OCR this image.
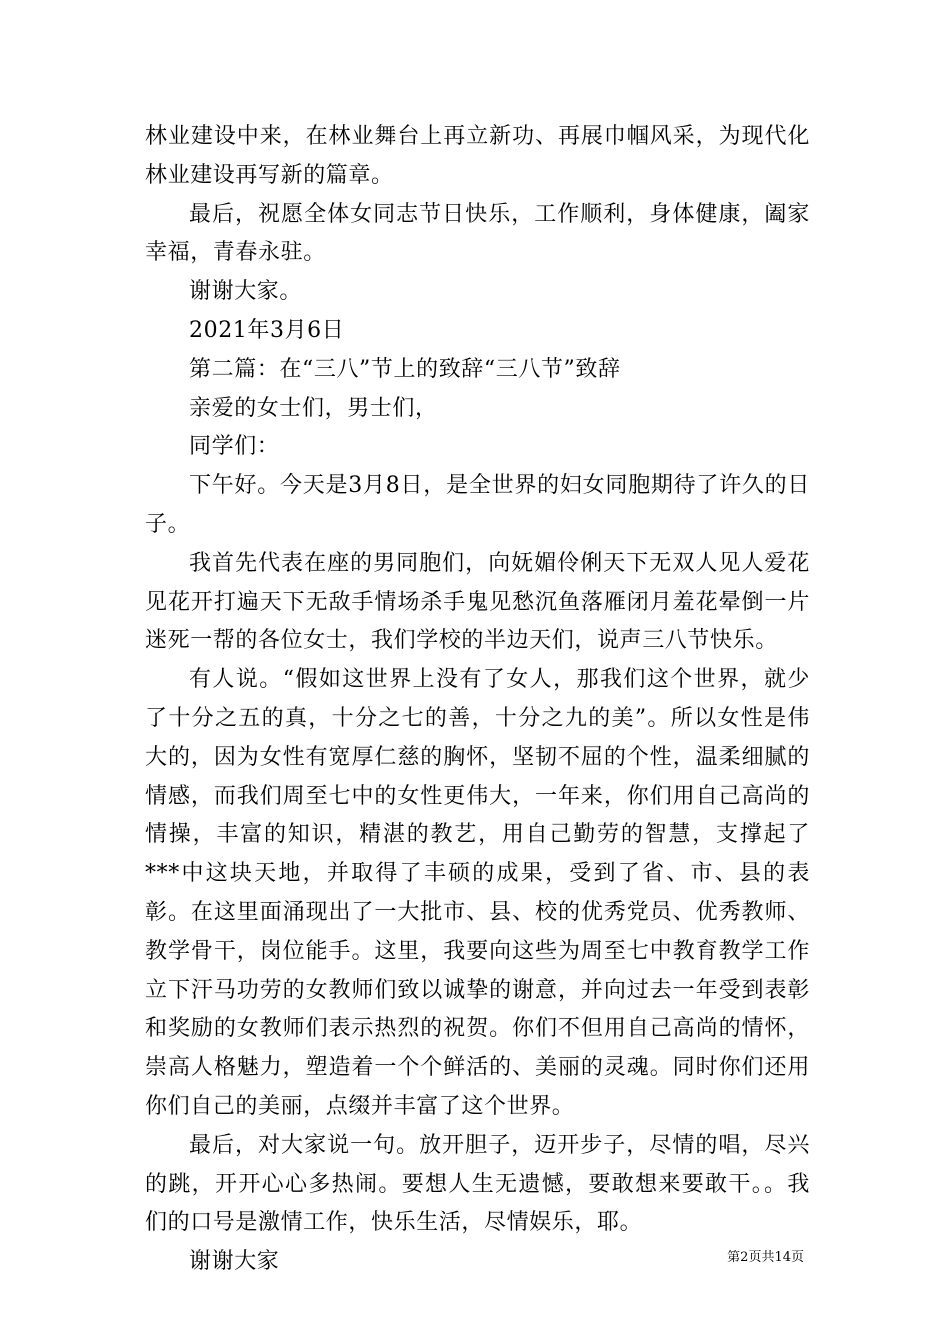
林业建设中来，在林业舞台上再立新功、再展巾帼风采，为现代化林业建设再写新的篇章。

最后，祝愿全体女同志节日快乐，工作顺利，身体健康，阖家幸福，青春永驻。

谢谢大家。

2021年3月6日

第二篇：在“三八”节上的致辞“三八节”致辞

亲爱的女士们，男士们，

同学们：

下午好。今天是3月8日，是全世界的妇女同胞期待了许久的日子。

我首先代表在座的男同胞们，向妩媚伶俐天下无双人见人爱花见花开打遍天下无敌手情场杀手鬼见愁沉鱼落雁闭月羞花晕倒一片迷死一帮的各位女士，我们学校的半边天们，说声三八节快乐。

有人说。“假如这世界上没有了女人，那我们这个世界，就少了十分之五的真，十分之七的善，十分之九的美”。所以女性是伟大的，因为女性有宽厚仁慈的胸怀，坚韧不屈的个性，温柔细腻的情感，而我们周至七中的女性更伟大，一年来，你们用自己高尚的情操，丰富的知识，精湛的教艺，用自己勤劳的智慧，支撑起了***中这块天地，并取得了丰硕的成果，受到了省、市、县的表彰。在这里面涌现出了一大批市、县、校的优秀党员、优秀教师、教学骨干，岗位能手。这里，我要向这些为周至七中教育教学工作立下汗马功劳的女教师们致以诚挚的谢意，并向过去一年受到表彰和奖励的女教师们表示热烈的祝贺。你们不但用自己高尚的情怀，崇高人格魅力，塑造着一个个鲜活的、美丽的灵魂。同时你们还用你们自己的美丽，点缀并丰富了这个世界。

最后，对大家说一句。放开胆子，迈开步子，尽情的唱，尽兴的跳，开开心心多热闹。要想人生无遗憾，要敢想来要敢干。。我们的口号是激情工作，快乐生活，尽情娱乐，耶。

谢谢大家	第2页共14页
